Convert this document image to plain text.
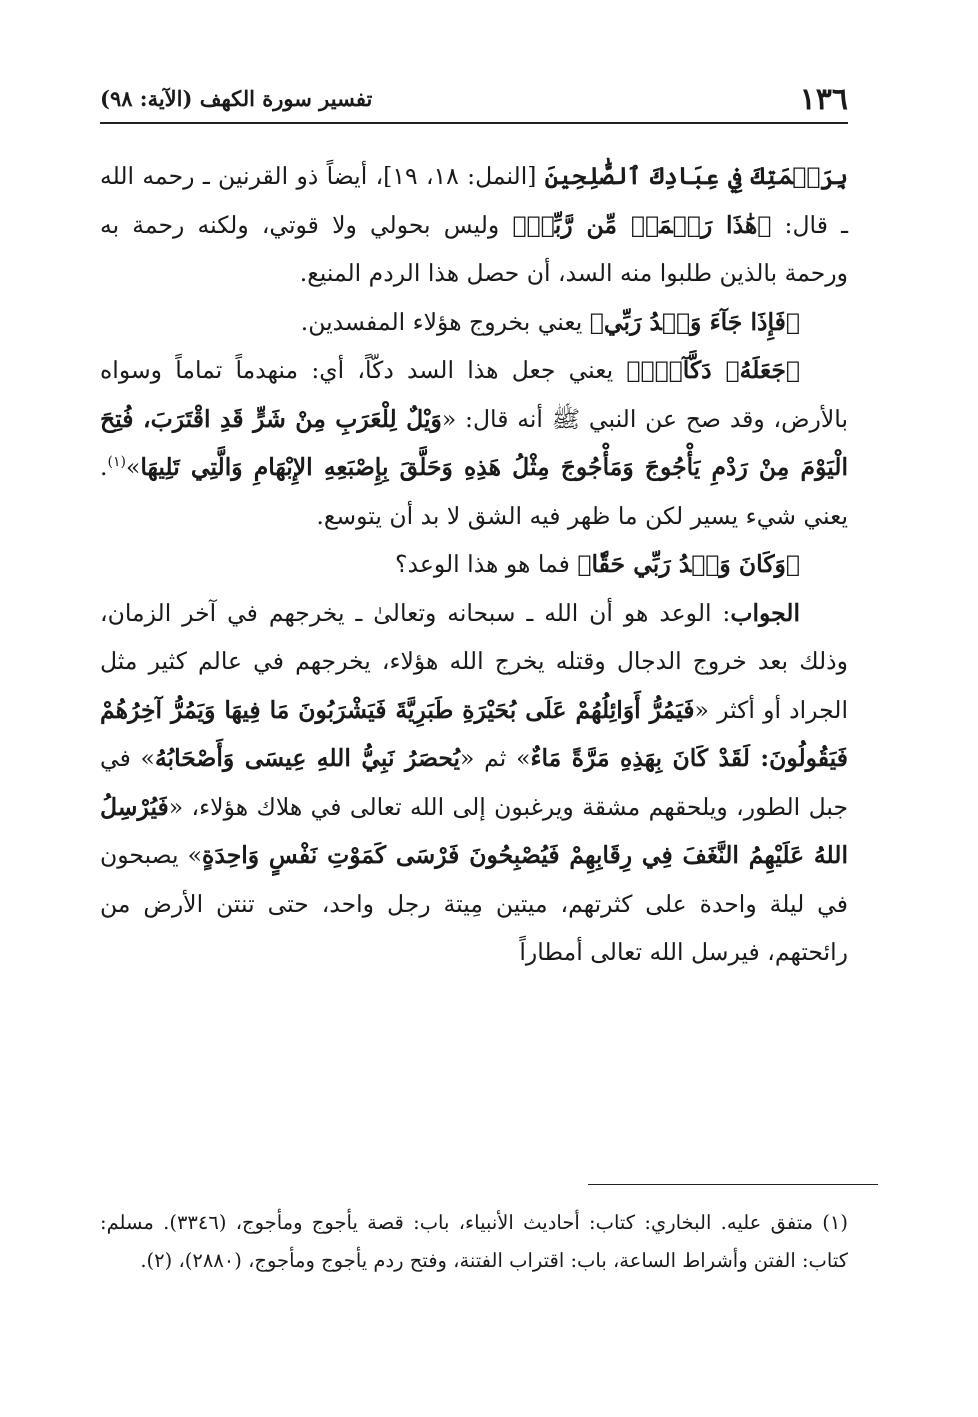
١٣٦
تفسير سورة الكهف (الآية: ٩٨)

بِرَحۡمَتِكَ فِي عِبَادِكَ ٱلصَّٰلِحِينَ [النمل: ١٨، ١٩]، أيضاً ذو القرنين ـ رحمه الله ـ قال: ﴿هَٰذَا رَحۡمَةٞ مِّن رَّبِّيۖ﴾ وليس بحولي ولا قوتي، ولكنه رحمة به ورحمة بالذين طلبوا منه السد، أن حصل هذا الردم المنيع.

﴿فَإِذَا جَآءَ وَعۡدُ رَبِّي﴾ يعني بخروج هؤلاء المفسدين.

﴿جَعَلَهُۥ دَكَّآءَۖ﴾ يعني جعل هذا السد دكّاً، أي: منهدماً تماماً وسواه بالأرض، وقد صح عن النبي ﷺ أنه قال: «وَيْلٌ لِلْعَرَبِ مِنْ شَرٍّ قَدِ اقْتَرَبَ، فُتِحَ الْيَوْمَ مِنْ رَدْمِ يَأْجُوجَ وَمَأْجُوجَ مِثْلُ هَذِهِ وَحَلَّقَ بِإِصْبَعِهِ الإِبْهَامِ وَالَّتِي تَلِيهَا»$^{(١)}$. يعني شيء يسير لكن ما ظهر فيه الشق لا بد أن يتوسع.

﴿وَكَانَ وَعۡدُ رَبِّي حَقّٗا﴾ فما هو هذا الوعد؟

الجواب: الوعد هو أن الله ـ سبحانه وتعالىٰ ـ يخرجهم في آخر الزمان، وذلك بعد خروج الدجال وقتله يخرج الله هؤلاء، يخرجهم في عالم كثير مثل الجراد أو أكثر «فَيَمُرُّ أَوَائِلُهُمْ عَلَى بُحَيْرَةِ طَبَرِيَّةَ فَيَشْرَبُونَ مَا فِيهَا وَيَمُرُّ آخِرُهُمْ فَيَقُولُونَ: لَقَدْ كَانَ بِهَذِهِ مَرَّةً مَاءٌ» ثم «يُحصَرُ نَبِيُّ اللهِ عِيسَى وَأَصْحَابُهُ» في جبل الطور، ويلحقهم مشقة ويرغبون إلى الله تعالى في هلاك هؤلاء، «فَيُرْسِلُ اللهُ عَلَيْهِمُ النَّغَفَ فِي رِقَابِهِمْ فَيُصْبِحُونَ فَرْسَى كَمَوْتِ نَفْسٍ وَاحِدَةٍ» يصبحون في ليلة واحدة على كثرتهم، ميتين مِيتة رجل واحد، حتى تنتن الأرض من رائحتهم، فيرسل الله تعالى أمطاراً

(١) متفق عليه. البخاري: كتاب: أحاديث الأنبياء، باب: قصة يأجوج ومأجوج، (٣٣٤٦). مسلم: كتاب: الفتن وأشراط الساعة، باب: اقتراب الفتنة، وفتح ردم يأجوج ومأجوج، (٢٨٨٠)، (٢).
